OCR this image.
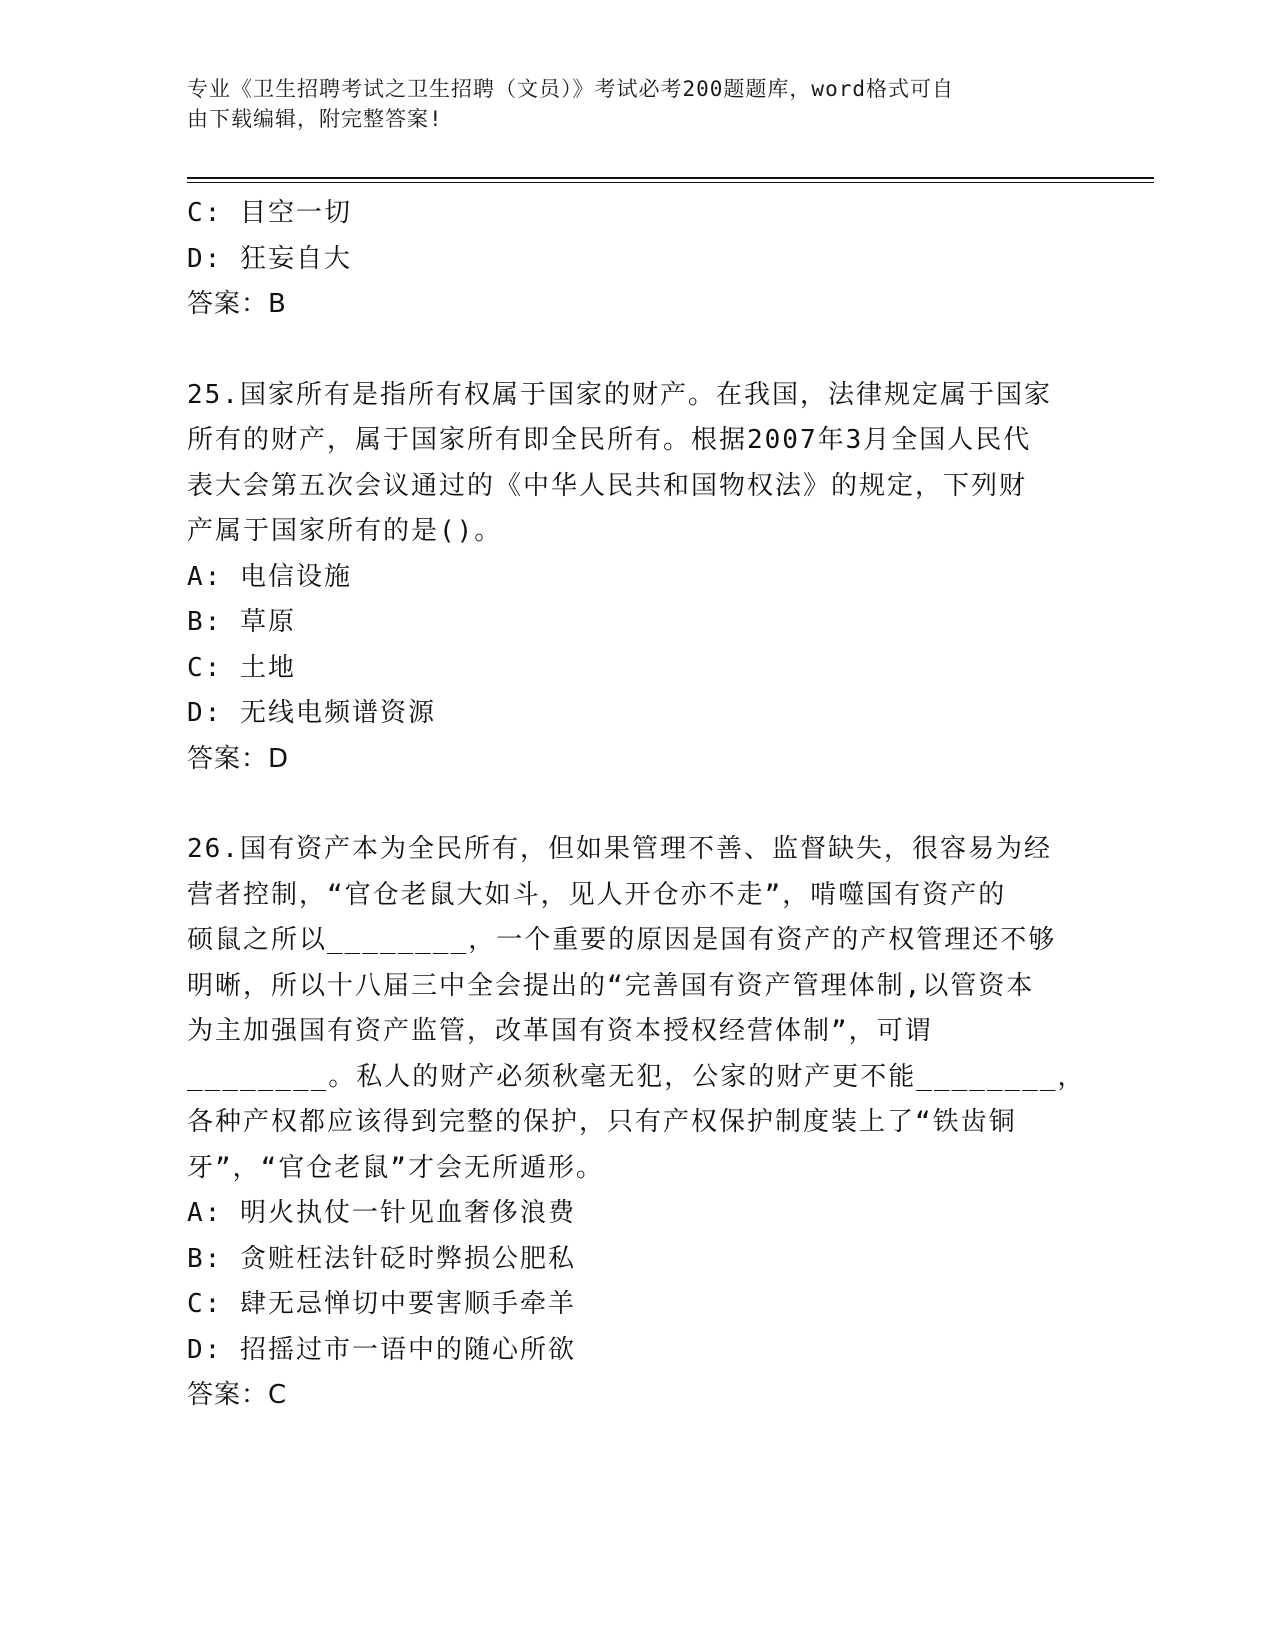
专业《卫生招聘考试之卫生招聘（文员）》考试必考200题题库，word格式可自
由下载编辑，附完整答案!
C: 目空一切
D: 狂妄自大
答案：B
25.国家所有是指所有权属于国家的财产。在我国，法律规定属于国家
所有的财产，属于国家所有即全民所有。根据2007年3月全国人民代
表大会第五次会议通过的《中华人民共和国物权法》的规定，下列财
产属于国家所有的是()。
A: 电信设施
B: 草原
C: 土地
D: 无线电频谱资源
答案：D
26.国有资产本为全民所有，但如果管理不善、监督缺失，很容易为经
营者控制，“官仓老鼠大如斗，见人开仓亦不走”，啃噬国有资产的
硕鼠之所以________，一个重要的原因是国有资产的产权管理还不够
明晰，所以十八届三中全会提出的“完善国有资产管理体制,以管资本
为主加强国有资产监管，改革国有资本授权经营体制”，可谓
________。私人的财产必须秋毫无犯，公家的财产更不能________，
各种产权都应该得到完整的保护，只有产权保护制度装上了“铁齿铜
牙”，“官仓老鼠”才会无所遁形。
A: 明火执仗一针见血奢侈浪费
B: 贪赃枉法针砭时弊损公肥私
C: 肆无忌惮切中要害顺手牵羊
D: 招摇过市一语中的随心所欲
答案：C
